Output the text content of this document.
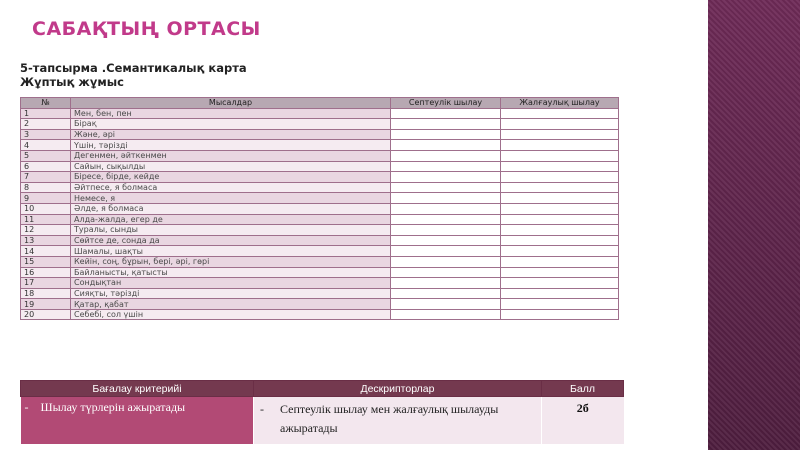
САБАҚТЫҢ ОРТАСЫ
5-тапсырма .Семантикалық карта
Жұптық жұмыс
№	Мысалдар	Септеулік шылау	Жалғаулық шылау
1	Мен, бен, пен		
2	Бірақ		
3	Және, әрі		
4	Үшін, тәрізді		
5	Дегенмен, әйткенмен		
6	Сайын, сықылды		
7	Біресе, бірде, кейде		
8	Әйтпесе, я болмаса		
9	Немесе, я		
10	Әлде, я болмаса		
11	Алда-жалда, егер де		
12	Туралы, сынды		
13	Сөйтсе де, сонда да		
14	Шамалы, шақты		
15	Кейін, соң, бұрын, бері, әрі, гөрі		
16	Байланысты, қатысты		
17	Сондықтан		
18	Сияқты, тәрізді		
19	Қатар, қабат		
20	Себебі, сол үшін		
Бағалау критерийі	Дескрипторлар	Балл
- Шылау түрлерін ажыратады	- Септеулік шылау мен жалғаулық шылауды
ажыратады	2б
